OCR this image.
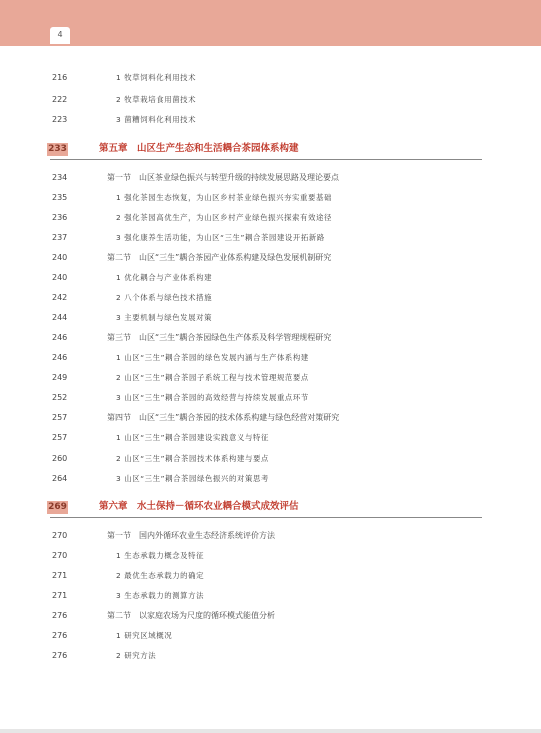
4
216	1 牧草饲料化利用技术
222	2 牧草栽培食用菌技术
223	3 菌糟饲料化利用技术
233	第五章　山区生产生态和生活耦合茶园体系构建
234	第一节　山区茶业绿色振兴与转型升级的持续发展思路及理论要点
235	1 强化茶园生态恢复，为山区乡村茶业绿色振兴夯实重要基础
236	2 强化茶园高优生产，为山区乡村产业绿色振兴探索有效途径
237	3 强化康养生活功能，为山区“三生”耦合茶园建设开拓新路
240	第二节　山区“三生”耦合茶园产业体系构建及绿色发展机制研究
240	1 优化耦合与产业体系构建
242	2 八个体系与绿色技术措施
244	3 主要机制与绿色发展对策
246	第三节　山区“三生”耦合茶园绿色生产体系及科学管理规程研究
246	1 山区“三生”耦合茶园的绿色发展内涵与生产体系构建
249	2 山区“三生”耦合茶园子系统工程与技术管理规范要点
252	3 山区“三生”耦合茶园的高效经营与持续发展重点环节
257	第四节　山区“三生”耦合茶园的技术体系构建与绿色经营对策研究
257	1 山区“三生”耦合茶园建设实践意义与特征
260	2 山区“三生”耦合茶园技术体系构建与要点
264	3 山区“三生”耦合茶园绿色振兴的对策思考
269	第六章　水土保持－循环农业耦合模式成效评估
270	第一节　国内外循环农业生态经济系统评价方法
270	1 生态承载力概念及特征
271	2 最优生态承载力的确定
271	3 生态承载力的测算方法
276	第二节　以家庭农场为尺度的循环模式能值分析
276	1 研究区域概况
276	2 研究方法
